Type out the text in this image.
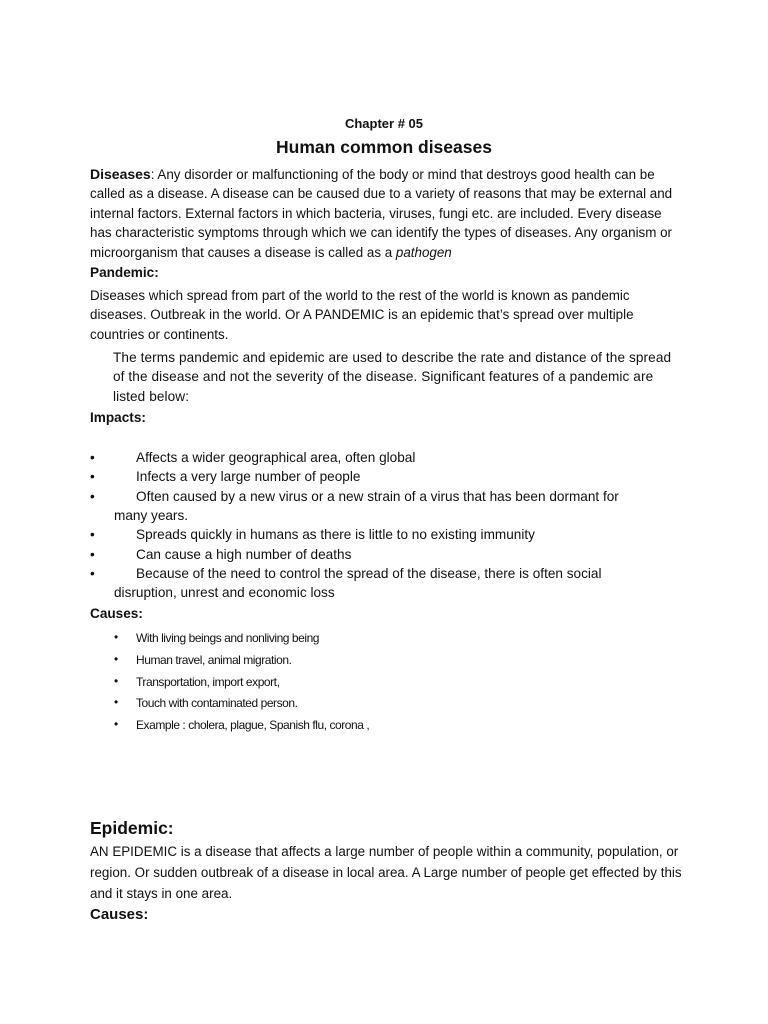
Chapter # 05
Human common diseases
Diseases: Any disorder or malfunctioning of the body or mind that destroys good health can be called as a disease. A disease can be caused due to a variety of reasons that may be external and internal factors. External factors in which bacteria, viruses, fungi etc. are included. Every disease has characteristic symptoms through which we can identify the types of diseases. Any organism or microorganism that causes a disease is called as a pathogen
Pandemic:
Diseases which spread from part of the world to the rest of the world is known as pandemic diseases. Outbreak in the world. Or A PANDEMIC is an epidemic that’s spread over multiple countries or continents.
The terms pandemic and epidemic are used to describe the rate and distance of the spread of the disease and not the severity of the disease. Significant features of a pandemic are listed below:
Impacts:
•	Affects a wider geographical area, often global
•	Infects a very large number of people
•	Often caused by a new virus or a new strain of a virus that has been dormant for
many years.
•	Spreads quickly in humans as there is little to no existing immunity
•	Can cause a high number of deaths
•	Because of the need to control the spread of the disease, there is often social
disruption, unrest and economic loss
Causes:
•	With living beings and nonliving being
•	Human travel, animal migration.
•	Transportation, import export,
•	Touch with contaminated person.
•	Example : cholera, plague, Spanish flu, corona ,
Epidemic:
AN EPIDEMIC is a disease that affects a large number of people within a community, population, or region. Or sudden outbreak of a disease in local area. A Large number of people get effected by this and it stays in one area.
Causes:
